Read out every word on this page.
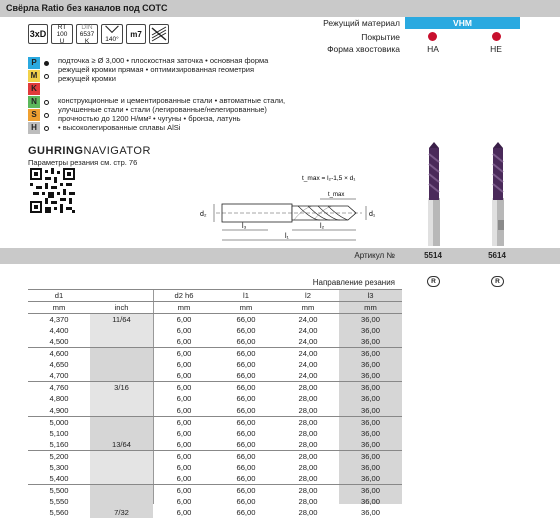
Свёрла Ratio без каналов под СОТС
3xD
RT 100
U
DIN
6537 K	140°
m7
Режущий материал	VHM
Покрытие
Форма хвостовика	HA	HE
P
M
K
N
S
H
подточка ≥ Ø 3,000 • плоскостная заточка • основная форма
режущей кромки прямая • оптимизированная геометрия
режущей кромки
конструкционные и цементированные стали • автоматные стали,
улучшенные стали • стали (легированные/нелегированные)
прочностью до 1200 Н/мм² • чугуны • бронза, латунь
• высоколегированные сплавы AlSi
GUHRINGNAVIGATOR
Параметры резания см. стр. 76
d₂	d₁
t_max
t_max = l₂-1,5 × d₁
l₂
l₃
l₁
Артикул №	5514	5614
Направление резания	R	R
d1		d2 h6	l1	l2	l3
mm	inch	mm	mm	mm	mm
4,370	11/64	6,00	66,00	24,00	36,00
4,400		6,00	66,00	24,00	36,00
4,500		6,00	66,00	24,00	36,00
4,600		6,00	66,00	24,00	36,00
4,650		6,00	66,00	24,00	36,00
4,700		6,00	66,00	24,00	36,00
4,760	3/16	6,00	66,00	28,00	36,00
4,800		6,00	66,00	28,00	36,00
4,900		6,00	66,00	28,00	36,00
5,000		6,00	66,00	28,00	36,00
5,100		6,00	66,00	28,00	36,00
5,160	13/64	6,00	66,00	28,00	36,00
5,200		6,00	66,00	28,00	36,00
5,300		6,00	66,00	28,00	36,00
5,400		6,00	66,00	28,00	36,00
5,500		6,00	66,00	28,00	36,00
5,550		6,00	66,00	28,00	36,00
5,560	7/32	6,00	66,00	28,00	36,00
